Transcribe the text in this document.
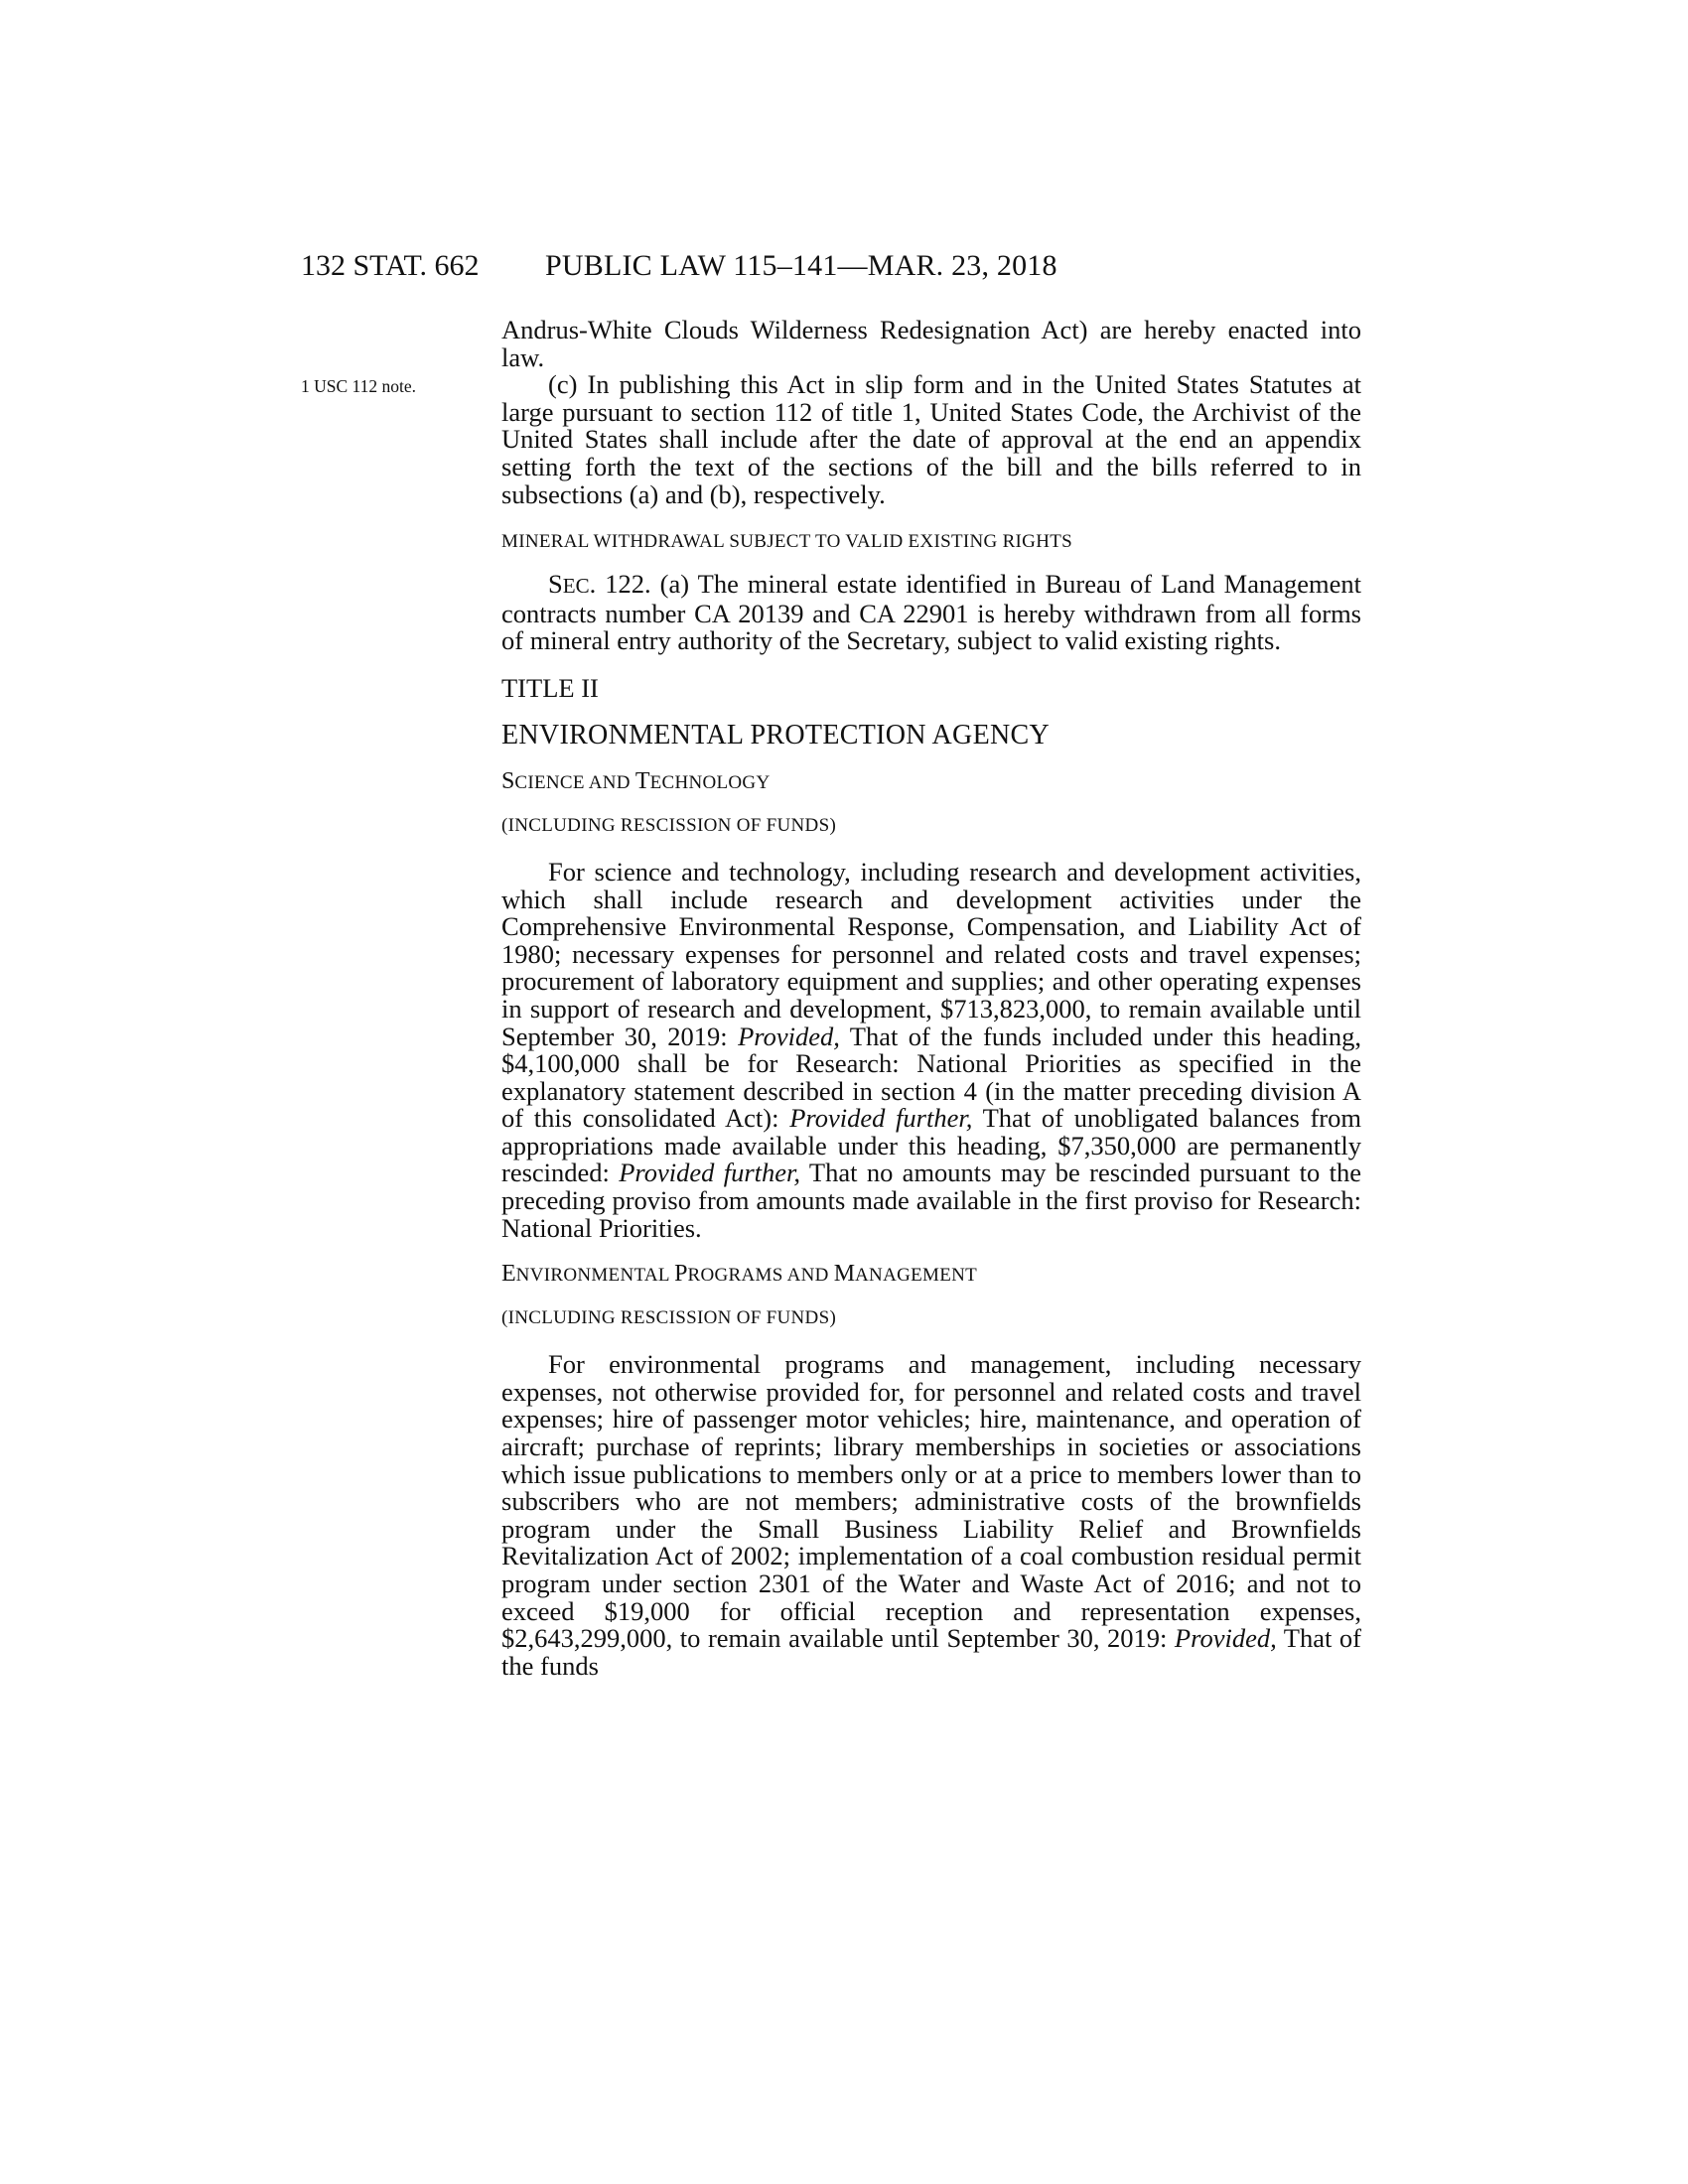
132 STAT. 662 PUBLIC LAW 115–141—MAR. 23, 2018
1 USC 112 note.

Andrus-White Clouds Wilderness Redesignation Act) are hereby enacted into law.

(c) In publishing this Act in slip form and in the United States Statutes at large pursuant to section 112 of title 1, United States Code, the Archivist of the United States shall include after the date of approval at the end an appendix setting forth the text of the sections of the bill and the bills referred to in subsections (a) and (b), respectively.

MINERAL WITHDRAWAL SUBJECT TO VALID EXISTING RIGHTS

SEC. 122. (a) The mineral estate identified in Bureau of Land Management contracts number CA 20139 and CA 22901 is hereby withdrawn from all forms of mineral entry authority of the Secretary, subject to valid existing rights.

TITLE II

ENVIRONMENTAL PROTECTION AGENCY

SCIENCE AND TECHNOLOGY

(INCLUDING RESCISSION OF FUNDS)

For science and technology, including research and development activities, which shall include research and development activities under the Comprehensive Environmental Response, Compensation, and Liability Act of 1980; necessary expenses for personnel and related costs and travel expenses; procurement of laboratory equipment and supplies; and other operating expenses in support of research and development, $713,823,000, to remain available until September 30, 2019: Provided, That of the funds included under this heading, $4,100,000 shall be for Research: National Priorities as specified in the explanatory statement described in section 4 (in the matter preceding division A of this consolidated Act): Provided further, That of unobligated balances from appropriations made available under this heading, $7,350,000 are permanently rescinded: Provided further, That no amounts may be rescinded pursuant to the preceding proviso from amounts made available in the first proviso for Research: National Priorities.

ENVIRONMENTAL PROGRAMS AND MANAGEMENT

(INCLUDING RESCISSION OF FUNDS)

For environmental programs and management, including necessary expenses, not otherwise provided for, for personnel and related costs and travel expenses; hire of passenger motor vehicles; hire, maintenance, and operation of aircraft; purchase of reprints; library memberships in societies or associations which issue publications to members only or at a price to members lower than to subscribers who are not members; administrative costs of the brownfields program under the Small Business Liability Relief and Brownfields Revitalization Act of 2002; implementation of a coal combustion residual permit program under section 2301 of the Water and Waste Act of 2016; and not to exceed $19,000 for official reception and representation expenses, $2,643,299,000, to remain available until September 30, 2019: Provided, That of the funds
